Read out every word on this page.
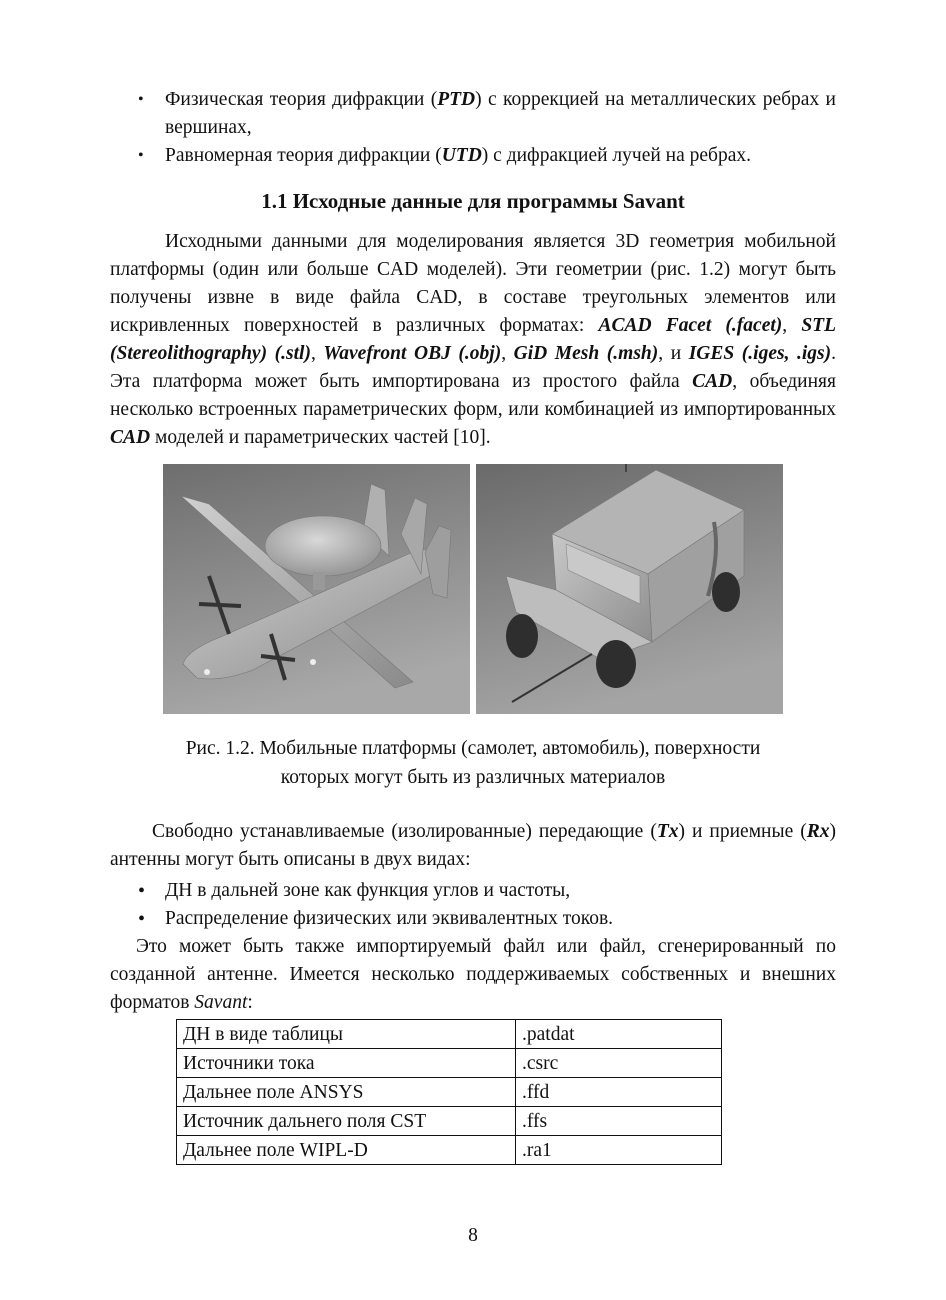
• Физическая теория дифракции (PTD) с коррекцией на металлических ребрах и вершинах,
• Равномерная теория дифракции (UTD) с дифракцией лучей на ребрах.
1.1 Исходные данные для программы Savant

Исходными данными для моделирования является 3D геометрия мобильной платформы (один или больше CAD моделей). Эти геометрии (рис. 1.2) могут быть получены извне в виде файла CAD, в составе треугольных элементов или искривленных поверхностей в различных форматах: ACAD Facet (.facet), STL (Stereolithography) (.stl), Wavefront OBJ (.obj), GiD Mesh (.msh), и IGES (.iges, .igs). Эта платформа может быть импортирована из простого файла CAD, объединяя несколько встроенных параметрических форм, или комбинацией из импортированных CAD моделей и параметрических частей [10].

Рис. 1.2. Мобильные платформы (самолет, автомобиль), поверхности
которых могут быть из различных материалов

Свободно устанавливаемые (изолированные) передающие (Tx) и приемные (Rx) антенны могут быть описаны в двух видах:

• ДН в дальней зоне как функция углов и частоты,
• Распределение физических или эквивалентных токов.

Это может быть также импортируемый файл или файл, сгенерированный по созданной антенне. Имеется несколько поддерживаемых собственных и внешних форматов Savant:

ДН в виде таблицы	.patdat
Источники тока	.csrc
Дальнее поле ANSYS	.ffd
Источник дальнего поля CST	.ffs
Дальнее поле WIPL-D	.ra1
8
